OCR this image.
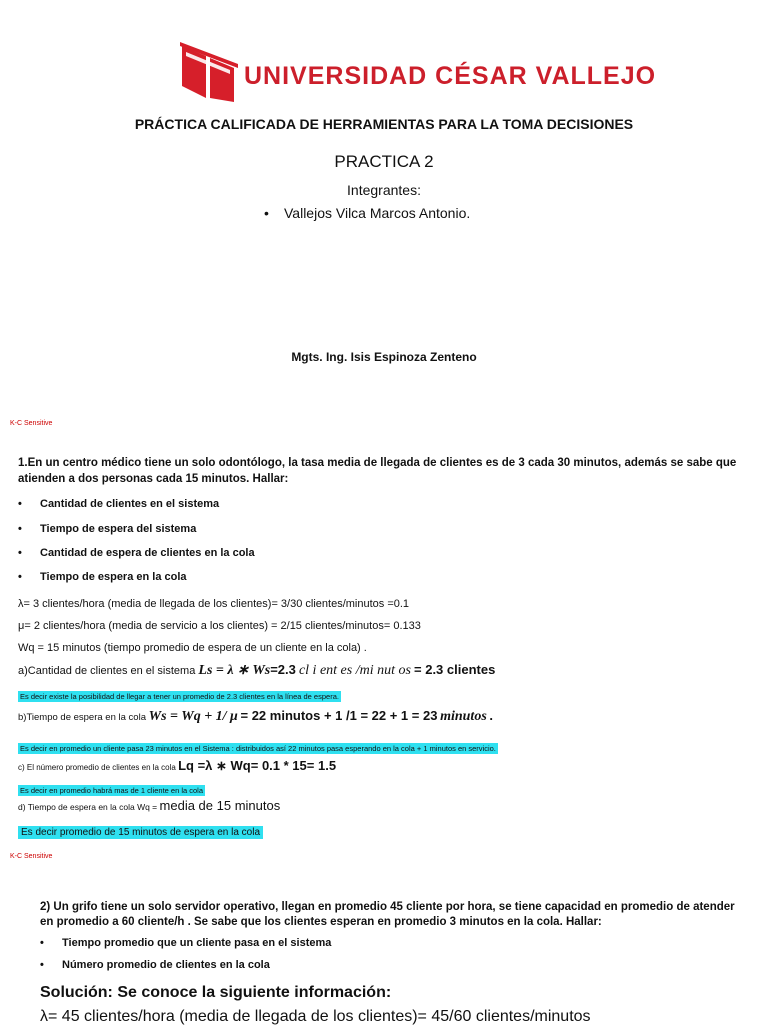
UNIVERSIDAD CÉSAR VALLEJO
PRÁCTICA CALIFICADA DE HERRAMIENTAS PARA LA TOMA DECISIONES
PRACTICA 2
Integrantes:
• Vallejos Vilca Marcos Antonio.
Mgts. Ing. Isis Espinoza Zenteno
K-C Sensitive
1.En un centro médico tiene un solo odontólogo, la tasa media de llegada de clientes es de 3 cada 30 minutos, además se sabe que atienden a dos personas cada 15 minutos. Hallar:
• Cantidad de clientes en el sistema
• Tiempo de espera del sistema
• Cantidad de espera de clientes en la cola
• Tiempo de espera en la cola
λ= 3 clientes/hora (media de llegada de los clientes)= 3/30 clientes/minutos =0.1
μ= 2 clientes/hora (media de servicio a los clientes) = 2/15 clientes/minutos= 0.133
Wq = 15 minutos (tiempo promedio de espera de un cliente en la cola) .
a)Cantidad de clientes en el sistema Ls = λ ∗ Ws=2.3 cl i ent es /mi nut os = 2.3 clientes
Es decir existe la posibilidad de llegar a tener un promedio de 2.3 clientes en la línea de espera.
b)Tiempo de espera en la cola Ws = Wq + 1/ μ = 22 minutos + 1 /1 = 22 + 1 = 23 minutos .
Es decir en promedio un cliente pasa 23 minutos en el Sistema : distribuidos así 22 minutos pasa esperando en la cola + 1 minutos en servicio.
c) El número promedio de clientes en la cola Lq =λ ∗ Wq= 0.1 * 15= 1.5
Es decir en promedio habrá mas de 1 cliente en la cola
d) Tiempo de espera en la cola Wq = media de 15 minutos
Es decir promedio de 15 minutos de espera en la cola
K-C Sensitive
2) Un grifo tiene un solo servidor operativo, llegan en promedio 45 cliente por hora, se tiene capacidad en promedio de atender en promedio a 60 cliente/h . Se sabe que los clientes esperan en promedio 3 minutos en la cola. Hallar:
• Tiempo promedio que un cliente pasa en el sistema
• Número promedio de clientes en la cola
Solución: Se conoce la siguiente información:
λ= 45 clientes/hora (media de llegada de los clientes)= 45/60 clientes/minutos
